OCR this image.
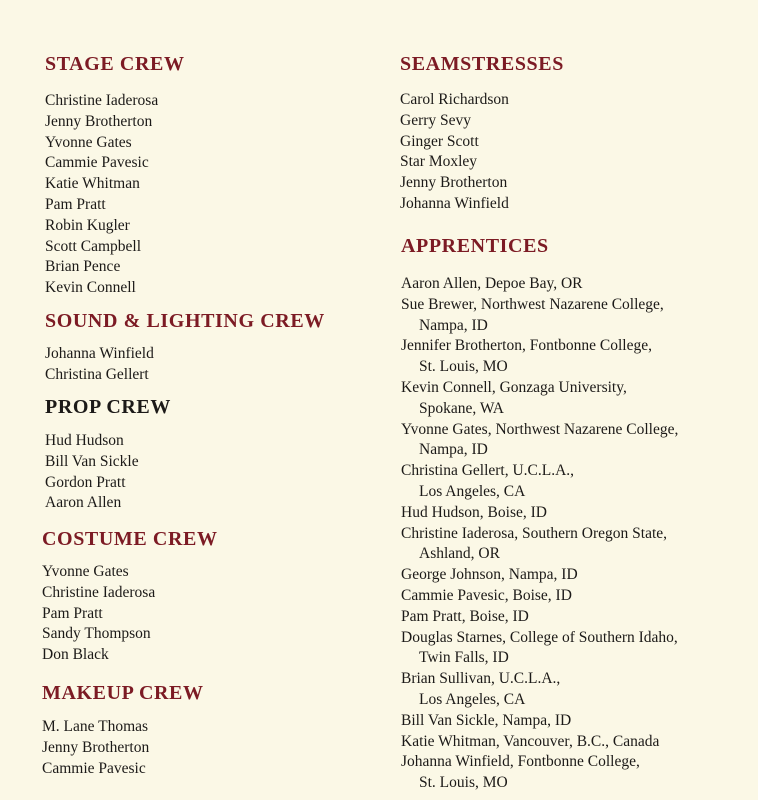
STAGE CREW
Christine Iaderosa
Jenny Brotherton
Yvonne Gates
Cammie Pavesic
Katie Whitman
Pam Pratt
Robin Kugler
Scott Campbell
Brian Pence
Kevin Connell
SOUND & LIGHTING CREW
Johanna Winfield
Christina Gellert
PROP CREW
Hud Hudson
Bill Van Sickle
Gordon Pratt
Aaron Allen
COSTUME CREW
Yvonne Gates
Christine Iaderosa
Pam Pratt
Sandy Thompson
Don Black
MAKEUP CREW
M. Lane Thomas
Jenny Brotherton
Cammie Pavesic
SEAMSTRESSES
Carol Richardson
Gerry Sevy
Ginger Scott
Star Moxley
Jenny Brotherton
Johanna Winfield
APPRENTICES
Aaron Allen, Depoe Bay, OR
Sue Brewer, Northwest Nazarene College,
Nampa, ID
Jennifer Brotherton, Fontbonne College,
St. Louis, MO
Kevin Connell, Gonzaga University,
Spokane, WA
Yvonne Gates, Northwest Nazarene College,
Nampa, ID
Christina Gellert, U.C.L.A.,
Los Angeles, CA
Hud Hudson, Boise, ID
Christine Iaderosa, Southern Oregon State,
Ashland, OR
George Johnson, Nampa, ID
Cammie Pavesic, Boise, ID
Pam Pratt, Boise, ID
Douglas Starnes, College of Southern Idaho,
Twin Falls, ID
Brian Sullivan, U.C.L.A.,
Los Angeles, CA
Bill Van Sickle, Nampa, ID
Katie Whitman, Vancouver, B.C., Canada
Johanna Winfield, Fontbonne College,
St. Louis, MO
